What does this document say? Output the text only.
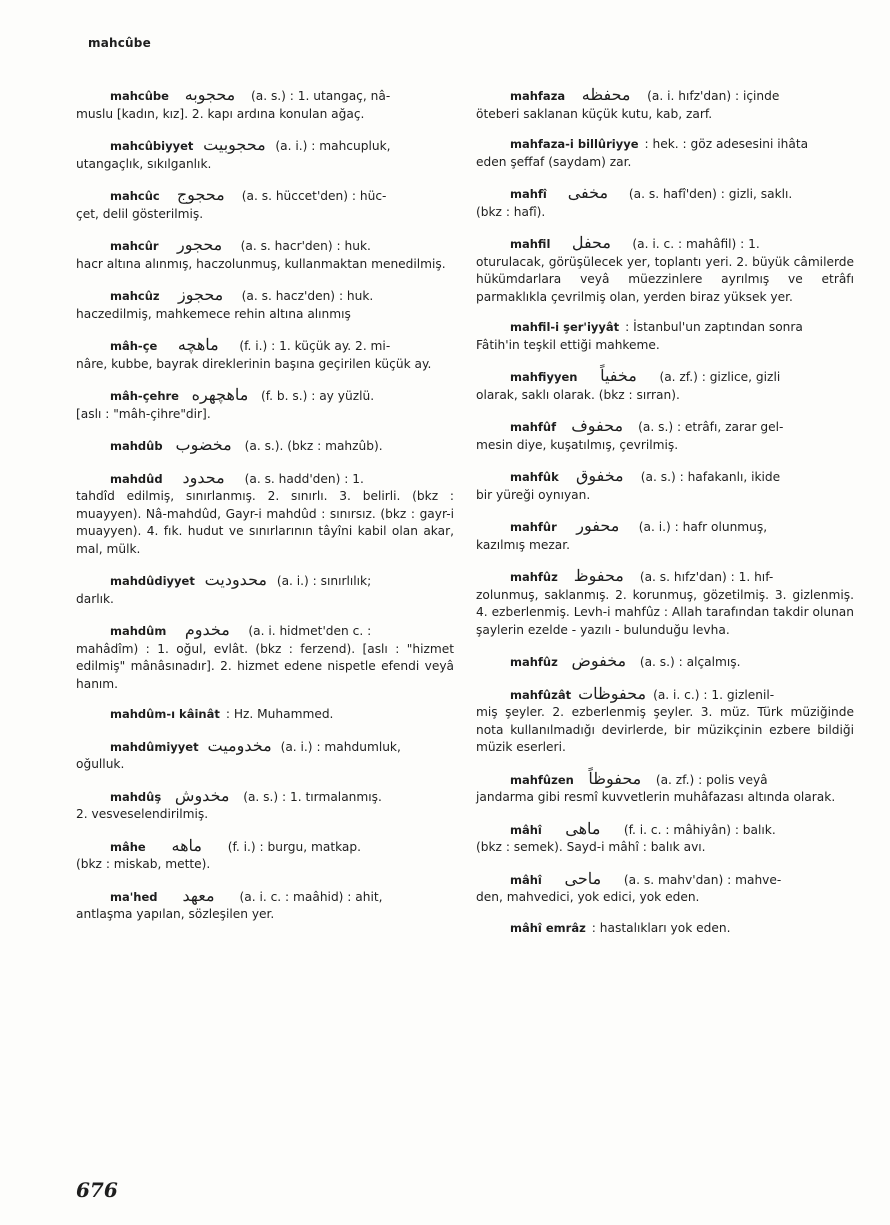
mahcûbe
mahcûbe محجوبه	(a. s.) : 1. utangaç, nâ-
muslu [kadın, kız]. 2. kapı ardına konulan ağaç.
mahcûbiyyet محجوبيت (a. i.) : mahcupluk,
utangaçlık, sıkılganlık.
mahcûc	محجوج	(a. s. hüccet'den) : hüc-
çet, delil gösterilmiş.
mahcûr	محجور	(a. s. hacr'den) : huk.
hacr altına alınmış, haczolunmuş, kullanmaktan menedilmiş.
mahcûz	محجوز	(a. s. hacz'den) : huk.
haczedilmiş, mahkemece rehin altına alınmış
mâh-çe	ماهچه	(f. i.) : 1. küçük ay. 2. mi-
nâre, kubbe, bayrak direklerinin başına geçirilen küçük ay.
mâh-çehre ماهچهره	(f. b. s.) : ay yüzlü.
[aslı : "mâh-çihre"dir].
mahdûb مخضوب	(a. s.). (bkz : mahzûb).
mahdûd	محدود	(a. s. hadd'den) : 1.
tahdîd edilmiş, sınırlanmış. 2. sınırlı. 3. belirli. (bkz : muayyen). Nâ-mahdûd, Gayr-i mahdûd : sınırsız. (bkz : gayr-i muayyen). 4. fık. hudut ve sınırlarının tâyîni kabil olan akar, mal, mülk.
mahdûdiyyet محدوديت (a. i.) : sınırlılık;
darlık.
mahdûm	مخدوم	(a. i. hidmet'den c. :
mahâdîm) : 1. oğul, evlât. (bkz : ferzend). [aslı : "hizmet edilmiş" mânâsınadır]. 2. hizmet edene nispetle efendi veyâ hanım.
mahdûm-ı kâinât : Hz. Muhammed.
mahdûmiyyet مخدوميت (a. i.) : mahdumluk,
oğulluk.
mahdûş مخدوش	(a. s.) : 1. tırmalanmış.
2. vesveselendirilmiş.
mâhe	ماهه	(f. i.) : burgu, matkap.
(bkz : miskab, mette).
ma'hed	معهد	(a. i. c. : maâhid) : ahit,
antlaşma yapılan, sözleşilen yer.
mahfaza	محفظه	(a. i. hıfz'dan) : içinde
öteberi saklanan küçük kutu, kab, zarf.
mahfaza-i billûriyye : hek. : göz adesesini ihâta
eden şeffaf (saydam) zar.
mahfî	مخفى	(a. s. hafî'den) : gizli, saklı.
(bkz : hafî).
mahfil	محفل	(a. i. c. : mahâfil) : 1.
oturulacak, görüşülecek yer, toplantı yeri. 2. büyük câmilerde hükümdarlara veyâ müezzinlere ayrılmış ve etrâfı parmaklıkla çevrilmiş olan, yerden biraz yüksek yer.
mahfil-i şer'iyyât : İstanbul'un zaptından sonra
Fâtih'in teşkil ettiği mahkeme.
mahfiyyen	مخفياً	(a. zf.) : gizlice, gizli
olarak, saklı olarak. (bkz : sırran).
mahfûf محفوف	(a. s.) : etrâfı, zarar gel-
mesin diye, kuşatılmış, çevrilmiş.
mahfûk	مخفوق	(a. s.) : hafakanlı, ikide
bir yüreği oynıyan.
mahfûr	محفور	(a. i.) : hafr olunmuş,
kazılmış mezar.
mahfûz محفوظ	(a. s. hıfz'dan) : 1. hıf-
zolunmuş, saklanmış. 2. korunmuş, gözetilmiş. 3. gizlenmiş. 4. ezberlenmiş. Levh-i mahfûz : Allah tarafından takdir olunan şaylerin ezelde - yazılı - bulunduğu levha.
mahfûz مخفوض	(a. s.) : alçalmış.
mahfûzât محفوظات (a. i. c.) : 1. gizlenil-
miş şeyler. 2. ezberlenmiş şeyler. 3. müz. Türk müziğinde nota kullanılmadığı devirlerde, bir müzikçinin ezbere bildiği müzik eserleri.
mahfûzen محفوظاً	(a. zf.) : polis veyâ
jandarma gibi resmî kuvvetlerin muhâfazası altında olarak.
mâhî	ماهى	(f. i. c. : mâhiyân) : balık.
(bkz : semek). Sayd-i mâhî : balık avı.
mâhî	ماحى	(a. s. mahv'dan) : mahve-
den, mahvedici, yok edici, yok eden.
mâhî emrâz : hastalıkları yok eden.
676
